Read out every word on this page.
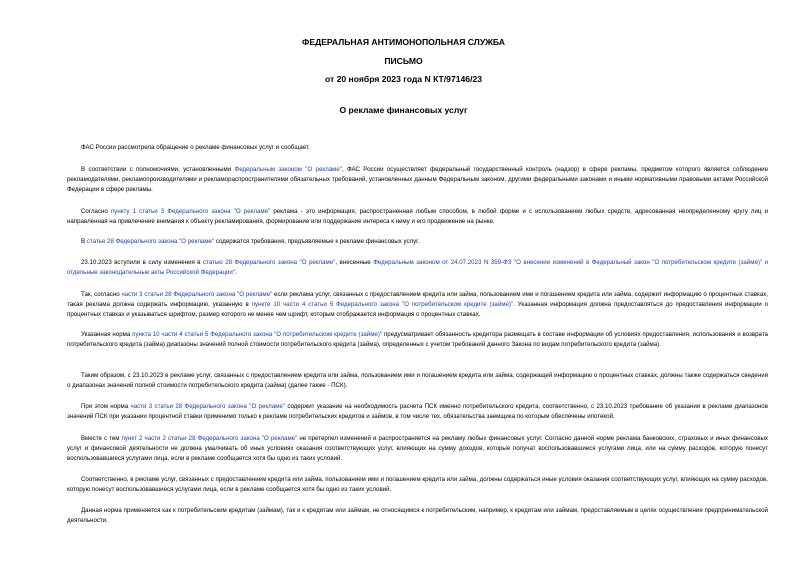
ФЕДЕРАЛЬНАЯ АНТИМОНОПОЛЬНАЯ СЛУЖБА
ПИСЬМО
от 20 ноября 2023 года N КТ/97146/23
О рекламе финансовых услуг

ФАС России рассмотрела обращение о рекламе финансовых услуг и сообщает.

В соответствии с полномочиями, установленными Федеральным законом "О рекламе", ФАС России осуществляет федеральный государственный контроль (надзор) в сфере рекламы, предметом которого является соблюдение рекламодателями, рекламопроизводителями и рекламораспространителями обязательных требований, установленных данным Федеральным законом, другими федеральными законами и иными нормативными правовыми актами Российской Федерации в сфере рекламы.

Согласно пункту 1 статьи 3 Федерального закона "О рекламе" реклама - это информация, распространенная любым способом, в любой форме и с использованием любых средств, адресованная неопределенному кругу лиц и направленная на привлечение внимания к объекту рекламирования, формирование или поддержание интереса к нему и его продвижение на рынке.

В статье 28 Федерального закона "О рекламе" содержатся требования, предъявляемые к рекламе финансовых услуг.

23.10.2023 вступили в силу изменения в статью 28 Федерального закона "О рекламе", внесенные Федеральным законом от 24.07.2023 N 359-ФЗ "О внесении изменений в Федеральный закон "О потребительском кредите (займе)" и отдельные законодательные акты Российской Федерации".

Так, согласно части 3 статьи 28 Федерального закона "О рекламе" если реклама услуг, связанных с предоставлением кредита или займа, пользованием ими и погашением кредита или займа, содержит информацию о процентных ставках, такая реклама должна содержать информацию, указанную в пункте 10 части 4 статьи 5 Федерального закона "О потребительском кредите (займе)". Указанная информация должна предоставляться до предоставления информации о процентных ставках и указываться шрифтом, размер которого не менее чем шрифт, которым отображается информация о процентных ставках.

Указанная норма пункта 10 части 4 статьи 5 Федерального закона "О потребительском кредите (займе)" предусматривает обязанность кредитора размещать в составе информации об условиях предоставления, использования и возврата потребительского кредита (займа) диапазоны значений полной стоимости потребительского кредита (займа), определенных с учетом требований данного Закона по видам потребительского кредита (займа).

Таким образом, с 23.10.2023 в рекламе услуг, связанных с предоставлением кредита или займа, пользованием ими и погашением кредита или займа, содержащей информацию о процентных ставках, должны также содержаться сведения о диапазонах значений полной стоимости потребительского кредита (займа) (далее также - ПСК).

При этом норма части 3 статьи 28 Федерального закона "О рекламе" содержит указание на необходимость расчета ПСК именно потребительского кредита, соответственно, с 23.10.2023 требование об указании в рекламе диапазонов значений ПСК при указании процентной ставки применимо только к рекламе потребительских кредитов и займов, в том числе тех, обязательства заемщика по которым обеспечены ипотекой.

Вместе с тем пункт 2 части 2 статьи 28 Федерального закона "О рекламе" не претерпел изменений и распространяется на рекламу любых финансовых услуг. Согласно данной норме реклама банковских, страховых и иных финансовых услуг и финансовой деятельности не должна умалчивать об иных условиях оказания соответствующих услуг, влияющих на сумму доходов, которые получат воспользовавшиеся услугами лица, или на сумму расходов, которую понесут воспользовавшиеся услугами лица, если в рекламе сообщается хотя бы одно из таких условий.

Соответственно, в рекламе услуг, связанных с предоставлением кредита или займа, пользованием ими и погашением кредита или займа, должны содержаться иные условия оказания соответствующих услуг, влияющих на сумму расходов, которую понесут воспользовавшиеся услугами лица, если в рекламе сообщается хотя бы одно из таких условий.

Данная норма применяется как к потребительским кредитам (займам), так и к кредитам или займам, не относящимся к потребительским, например, к кредитам или займам, предоставляемым в целях осуществления предпринимательской деятельности.
